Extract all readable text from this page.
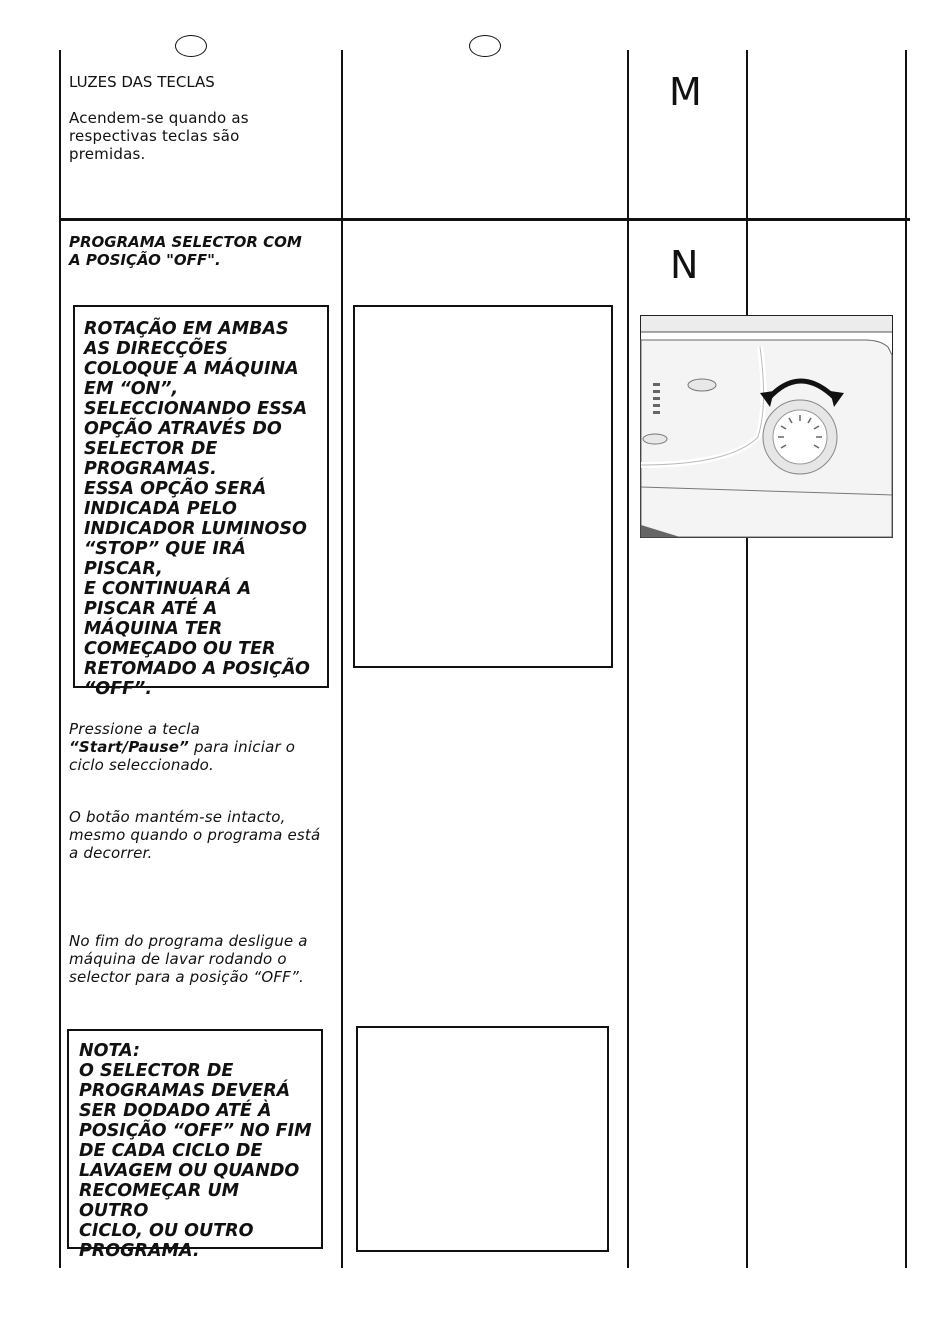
LUZES DAS TECLAS
Acendem-se quando as respectivas teclas são premidas.
M
PROGRAMA SELECTOR COM
A POSIÇÃO "OFF".	N
ROTAÇÃO EM AMBAS
AS DIRECÇÕES
COLOQUE A MÁQUINA
EM “ON”,
SELECCIONANDO ESSA
OPÇÃO ATRAVÉS DO
SELECTOR DE
PROGRAMAS.
ESSA OPÇÃO SERÁ
INDICADA PELO
INDICADOR LUMINOSO
“STOP” QUE IRÁ PISCAR,
E CONTINUARÁ A
PISCAR ATÉ A
MÁQUINA TER
COMEÇADO OU TER
RETOMADO A POSIÇÃO
“OFF”.
Pressione a tecla
“Start/Pause” para iniciar o
ciclo seleccionado.
O botão mantém-se intacto, mesmo quando o programa está a decorrer.
No fim do programa desligue a máquina de lavar rodando o selector para a posição “OFF”.
NOTA:
O SELECTOR DE
PROGRAMAS DEVERÁ
SER DODADO ATÉ À
POSIÇÃO “OFF” NO FIM
DE CADA CICLO DE
LAVAGEM OU QUANDO
RECOMEÇAR UM OUTRO
CICLO, OU OUTRO
PROGRAMA.
